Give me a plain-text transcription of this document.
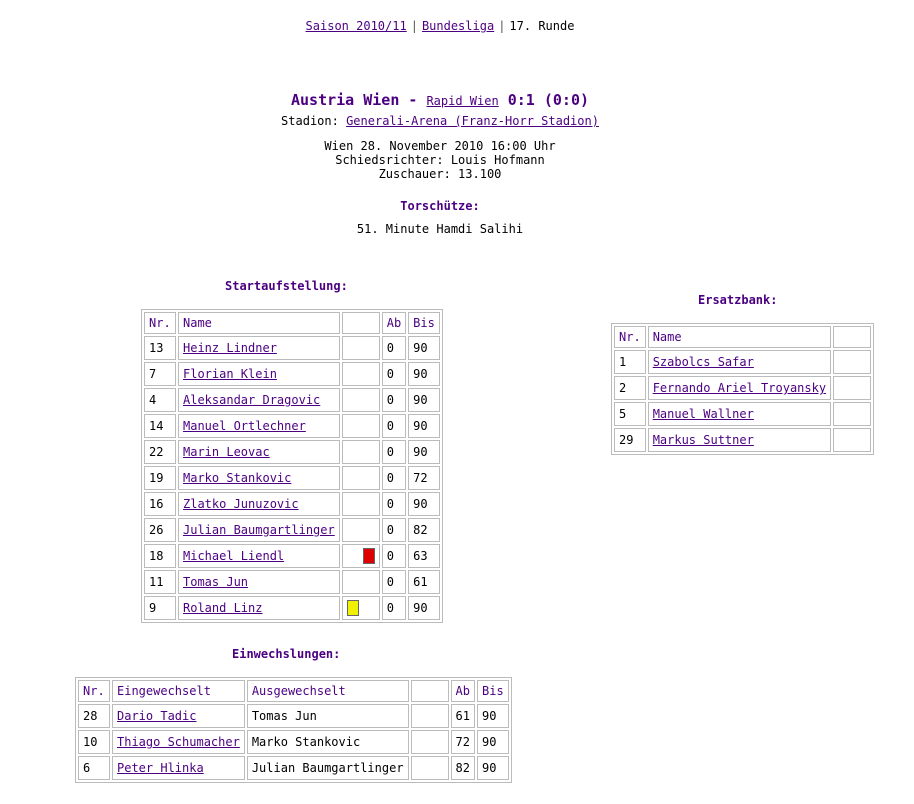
Saison 2010/11 | Bundesliga | 17. Runde
Austria Wien - Rapid Wien 0:1 (0:0)
Stadion: Generali-Arena (Franz-Horr Stadion)
Wien 28. November 2010 16:00 Uhr
Schiedsrichter: Louis Hofmann
Zuschauer: 13.100
Torschütze:
51. Minute Hamdi Salihi
Startaufstellung:
Nr.	Name		Ab	Bis
13	Heinz Lindner		0	90
7	Florian Klein		0	90
4	Aleksandar Dragovic		0	90
14	Manuel Ortlechner		0	90
22	Marin Leovac		0	90
19	Marko Stankovic		0	72
16	Zlatko Junuzovic		0	90
26	Julian Baumgartlinger		0	82
18	Michael Liendl		0	63
11	Tomas Jun		0	61
9	Roland Linz		0	90
Ersatzbank:
Nr.	Name	
1	Szabolcs Safar	
2	Fernando Ariel Troyansky	
5	Manuel Wallner	
29	Markus Suttner	
Einwechslungen:
Nr.	Eingewechselt	Ausgewechselt		Ab	Bis
28	Dario Tadic	Tomas Jun		61	90
10	Thiago Schumacher	Marko Stankovic		72	90
6	Peter Hlinka	Julian Baumgartlinger		82	90
